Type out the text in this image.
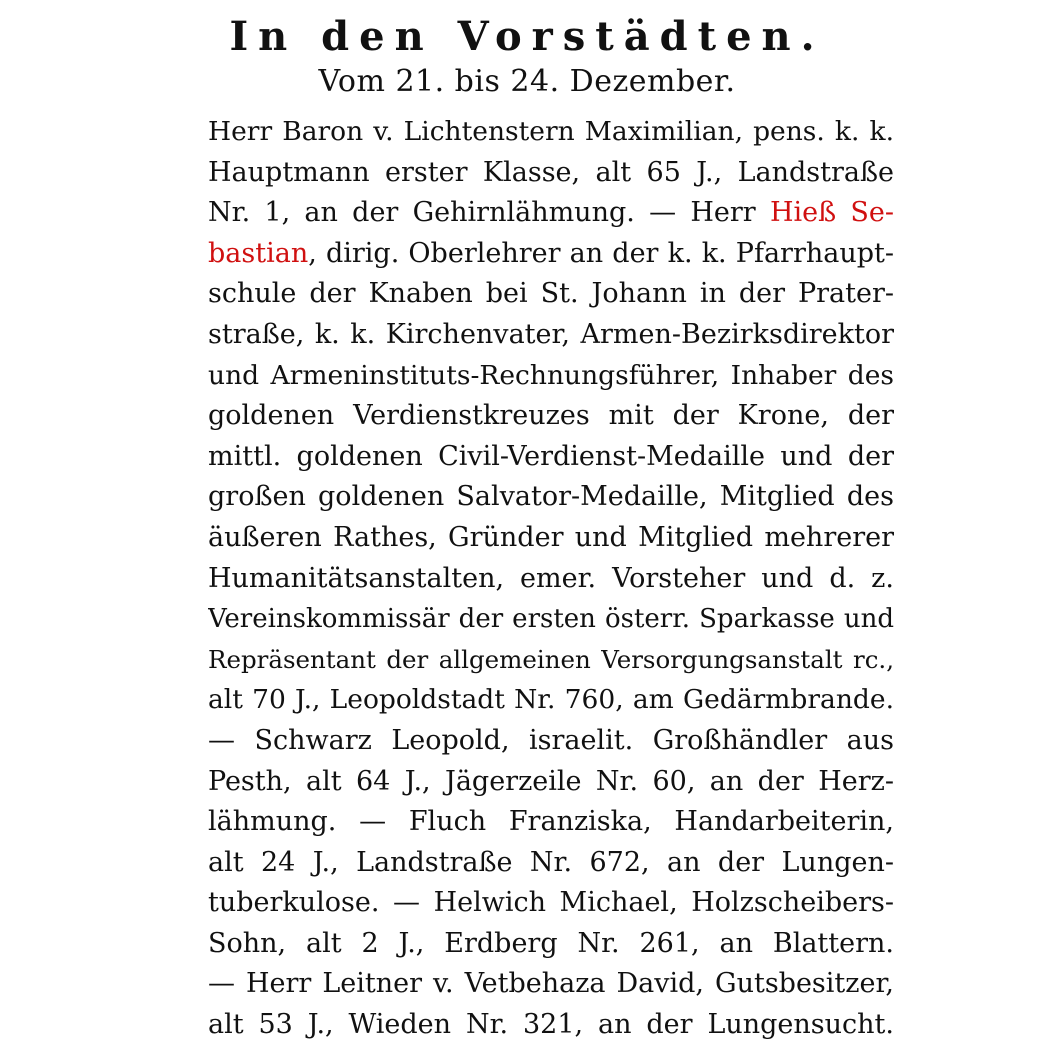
In den Vorstädten.
Vom 21. bis 24. Dezember.
Herr Baron v. Lichtenstern Maximilian, pens. k. k.
Hauptmann erster Klasse, alt 65 J., Landstraße
Nr. 1, an der Gehirnlähmung. — Herr Hieß Se-
bastian, dirig. Oberlehrer an der k. k. Pfarrhaupt-
schule der Knaben bei St. Johann in der Prater-
straße, k. k. Kirchenvater, Armen-Bezirksdirektor
und Armeninstituts-Rechnungsführer, Inhaber des
goldenen Verdienstkreuzes mit der Krone, der
mittl. goldenen Civil-Verdienst-Medaille und der
großen goldenen Salvator-Medaille, Mitglied des
äußeren Rathes, Gründer und Mitglied mehrerer
Humanitätsanstalten, emer. Vorsteher und d. z.
Vereinskommissär der ersten österr. Sparkasse und
Repräsentant der allgemeinen Versorgungsanstalt rc.,
alt 70 J., Leopoldstadt Nr. 760, am Gedärmbrande.
— Schwarz Leopold, israelit. Großhändler aus
Pesth, alt 64 J., Jägerzeile Nr. 60, an der Herz-
lähmung. — Fluch Franziska, Handarbeiterin,
alt 24 J., Landstraße Nr. 672, an der Lungen-
tuberkulose. — Helwich Michael, Holzscheibers-
Sohn, alt 2 J., Erdberg Nr. 261, an Blattern.
— Herr Leitner v. Vetbehaza David, Gutsbesitzer,
alt 53 J., Wieden Nr. 321, an der Lungensucht.
